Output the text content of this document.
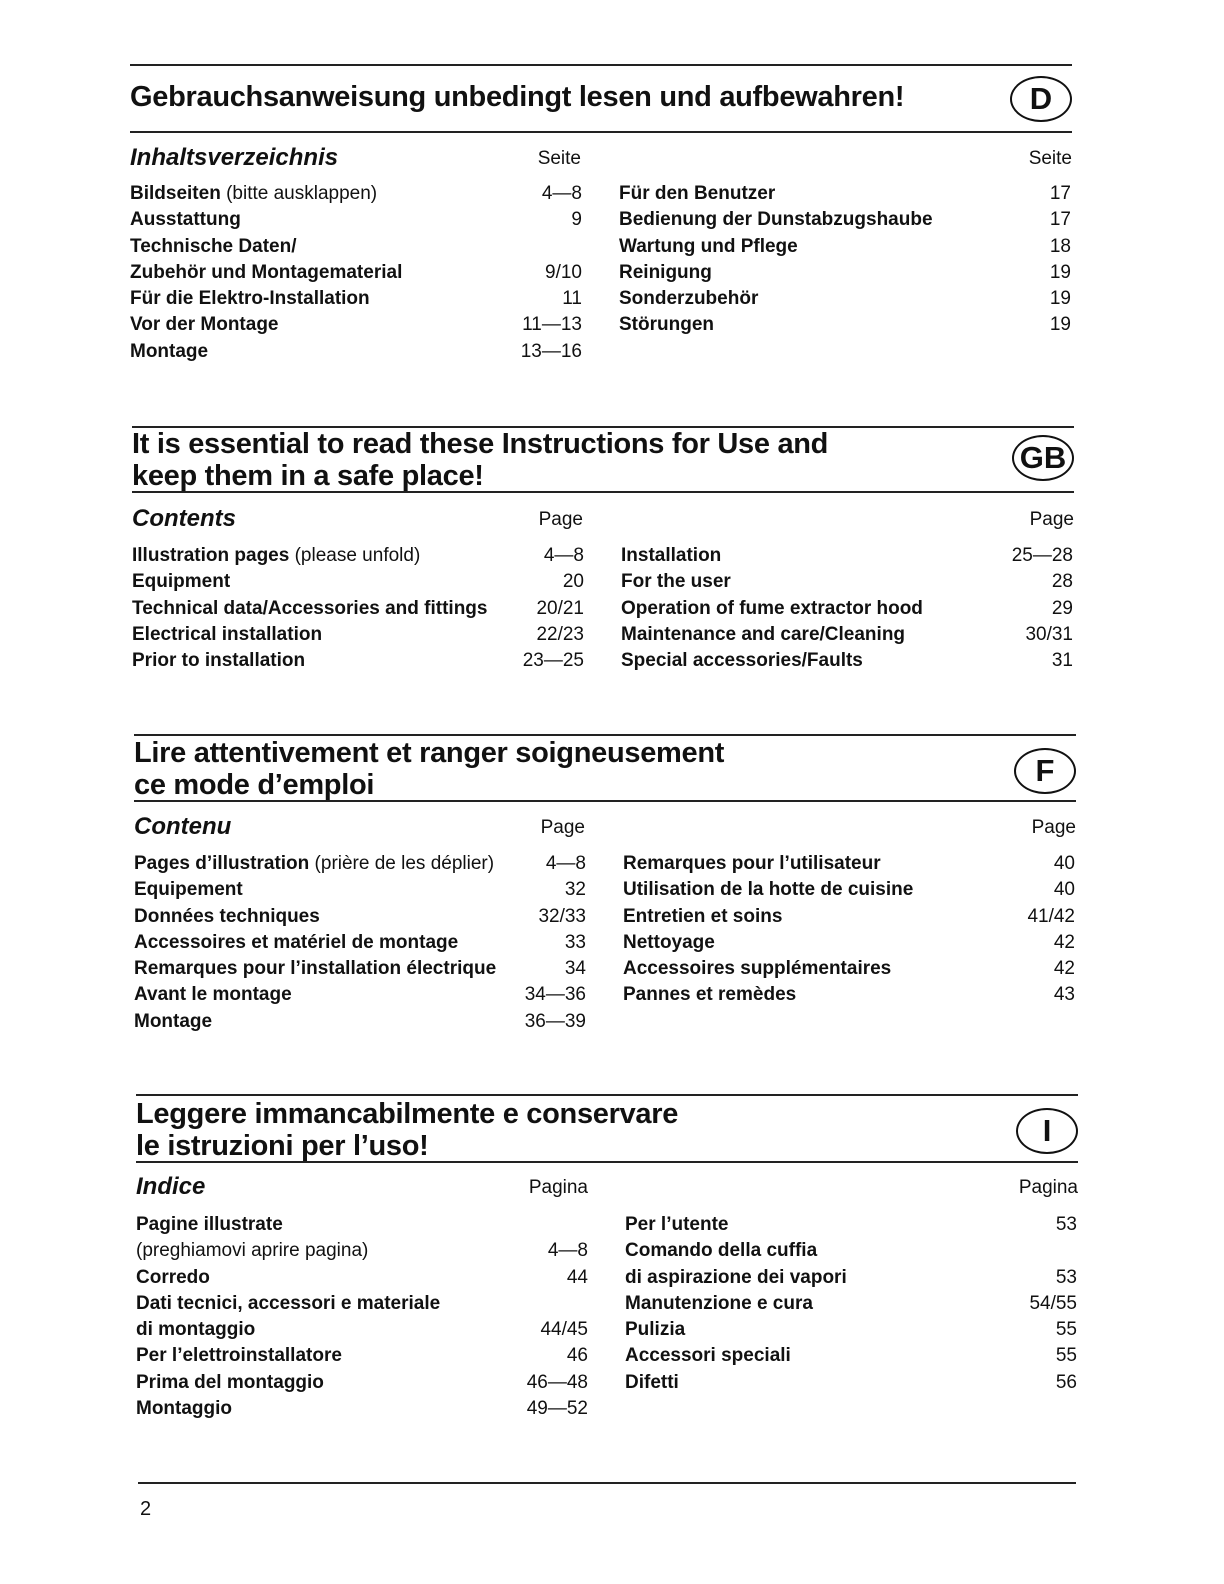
Gebrauchsanweisung unbedingt lesen und aufbewahren!	D
Inhaltsverzeichnis	Seite	Seite
Bildseiten (bitte ausklappen)	4—8
Ausstattung	9
Technische Daten/
Zubehör und Montagematerial	9/10
Für die Elektro-Installation	11
Vor der Montage	11—13
Montage	13—16
Für den Benutzer	17
Bedienung der Dunstabzugshaube	17
Wartung und Pflege	18
Reinigung	19
Sonderzubehör	19
Störungen	19
It is essential to read these Instructions for Use and
keep them in a safe place!
GB
Contents	Page	Page
Illustration pages (please unfold)	4—8
Equipment	20
Technical data/Accessories and fittings	20/21
Electrical installation	22/23
Prior to installation	23—25
Installation	25—28
For the user	28
Operation of fume extractor hood	29
Maintenance and care/Cleaning	30/31
Special accessories/Faults	31
Lire attentivement et ranger soigneusement
ce mode d’emploi	F
Contenu	Page	Page
Pages d’illustration (prière de les déplier)	4—8
Equipement	32
Données techniques	32/33
Accessoires et matériel de montage	33
Remarques pour l’installation électrique	34
Avant le montage	34—36
Montage	36—39
Remarques pour l’utilisateur	40
Utilisation de la hotte de cuisine	40
Entretien et soins	41/42
Nettoyage	42
Accessoires supplémentaires	42
Pannes et remèdes	43
Leggere immancabilmente e conservare
le istruzioni per l’uso!	I
Indice	Pagina	Pagina
Pagine illustrate
(preghiamovi aprire pagina)	4—8
Corredo	44
Dati tecnici, accessori e materiale
di montaggio	44/45
Per l’elettroinstallatore	46
Prima del montaggio	46—48
Montaggio	49—52
Per l’utente	53
Comando della cuffia
di aspirazione dei vapori	53
Manutenzione e cura	54/55
Pulizia	55
Accessori speciali	55
Difetti	56
2
